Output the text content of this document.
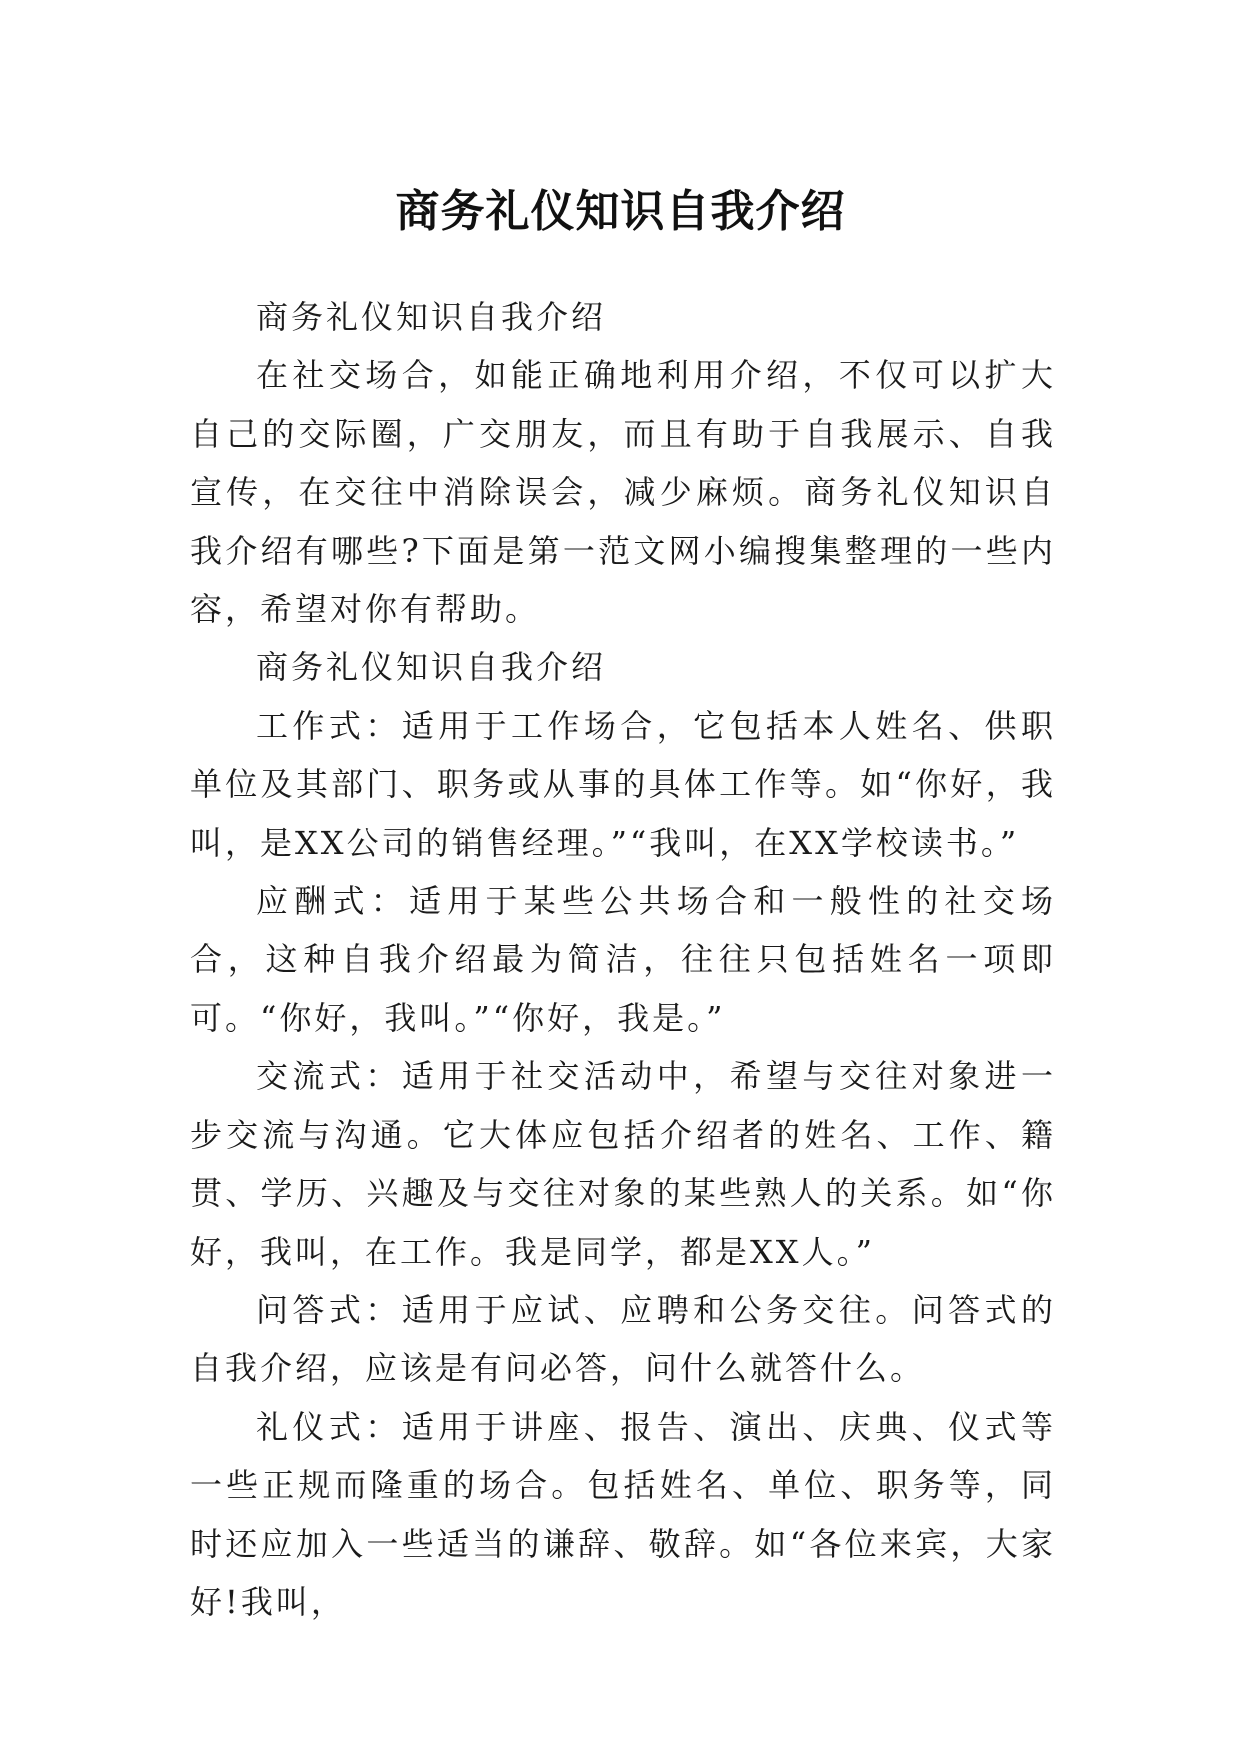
商务礼仪知识自我介绍

商务礼仪知识自我介绍

在社交场合，如能正确地利用介绍，不仅可以扩大自己的交际圈，广交朋友，而且有助于自我展示、自我宣传，在交往中消除误会，减少麻烦。商务礼仪知识自我介绍有哪些?下面是第一范文网小编搜集整理的一些内容，希望对你有帮助。

商务礼仪知识自我介绍

工作式：适用于工作场合，它包括本人姓名、供职单位及其部门、职务或从事的具体工作等。如“你好，我叫，是XX公司的销售经理。”“我叫，在XX学校读书。”

应酬式：适用于某些公共场合和一般性的社交场合，这种自我介绍最为简洁，往往只包括姓名一项即可。“你好，我叫。”“你好，我是。”

交流式：适用于社交活动中，希望与交往对象进一步交流与沟通。它大体应包括介绍者的姓名、工作、籍贯、学历、兴趣及与交往对象的某些熟人的关系。如“你好，我叫，在工作。我是同学，都是XX人。”

问答式：适用于应试、应聘和公务交往。问答式的自我介绍，应该是有问必答，问什么就答什么。

礼仪式：适用于讲座、报告、演出、庆典、仪式等一些正规而隆重的场合。包括姓名、单位、职务等，同时还应加入一些适当的谦辞、敬辞。如“各位来宾，大家好!我叫，
